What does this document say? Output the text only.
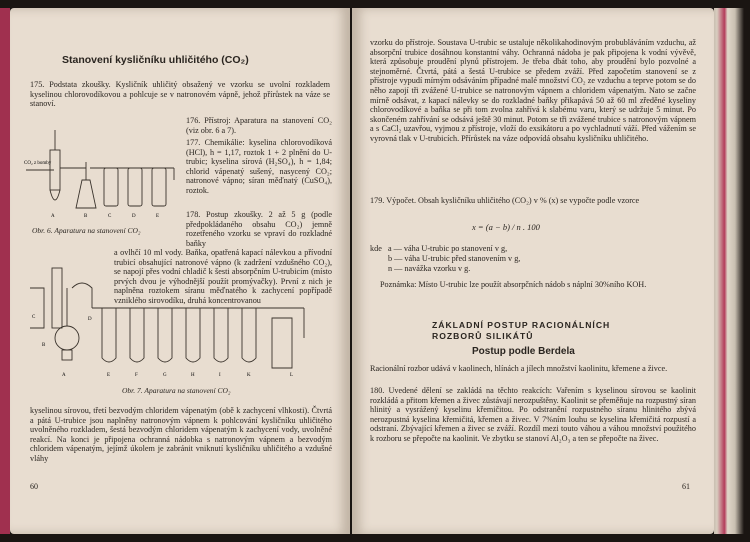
Stanovení kysličníku uhličitého (CO₂)

175. Podstata zkoušky. Kysličník uhličitý obsažený ve vzorku se uvolní rozkladem kyselinou chlorovodíkovou a pohlcuje se v natronovém vápně, jehož přírůstek na váze se stanoví.

CO₂ z bomby
A	B	C	D	E
Obr. 6. Aparatura na stanovení CO₂

176. Přístroj: Aparatura na stanovení CO₂ (viz obr. 6 a 7).

177. Chemikálie: kyselina chlorovodíková (HCl), h = 1,17, roztok 1 + 2 plnění do U-trubic; kyselina sírová (H₂SO₄), h = 1,84; chlorid vápenatý sušený, nasycený CO₂; natronové vápno; síran měďnatý (CuSO₄), roztok.

178. Postup zkoušky. 2 až 5 g (podle předpokládaného obsahu CO₂) jemně rozetřeného vzorku se vpraví do rozkladné baňky

a ovlhčí 10 ml vody. Baňka, opatřená kapací nálevkou a přívodní trubicí obsahující natronové vápno (k zadržení vzdušného CO₂), se napojí přes vodní chladič k šesti absorpčním U-trubicím (místo prvých dvou je výhodnější použít promývačky). První z nich je naplněna roztokem síranu měďnatého k zachycení popřípadě vzniklého sirovodíku, druhá koncentrovanou

A
B
C	D
E	F	G	H	I	K	L
Obr. 7. Aparatura na stanovení CO₂

kyselinou sírovou, třetí bezvodým chloridem vápenatým (obě k zachycení vlhkosti). Čtvrtá a pátá U-trubice jsou naplněny natronovým vápnem k pohlcování kysličníku uhličitého uvolněného rozkladem, šestá bezvodým chloridem vápenatým k zachycení vody, uvolněné reakcí. Na konci je připojena ochranná nádobka s natronovým vápnem a bezvodým chloridem vápenatým, jejímž úkolem je zabránit vniknutí kysličníku uhličitého a vzdušné vláhy

60

vzorku do přístroje. Soustava U-trubic se ustaluje několikahodinovým probubláváním vzduchu, až absorpční trubice dosáhnou konstantní váhy. Ochranná nádoba je pak připojena k vodní vývěvě, která způsobuje proudění plynů přístrojem. Je třeba dbát toho, aby proudění bylo pozvolné a stejnoměrné. Čtvrtá, pátá a šestá U-trubice se předem zváží. Před započetím stanovení se z přístroje vypudí mírným odsáváním případné malé množství CO₂ ze vzduchu a teprve potom se do něho zapojí tři zvážené U-trubice se natronovým vápnem a chloridem vápenatým. Nato se začne mírně odsávat, z kapací nálevky se do rozkladné baňky přikapává 50 až 60 ml zředěné kyseliny chlorovodíkové a baňka se při tom zvolna zahřívá k slabému varu, který se udržuje 5 minut. Po skončeném zahřívání se odsává ještě 30 minut. Potom se tři zvážené trubice s natronovým vápnem a s CaCl₂ uzavřou, vyjmou z přístroje, vloží do exsikátoru a po vychladnutí váží. Před vážením se vyrovná tlak v U-trubicích. Přírůstek na váze odpovídá obsahu kysličníku uhličitého.

179. Výpočet. Obsah kysličníku uhličitého (CO₂) v % (x) se vypočte podle vzorce

x = (a − b) / n . 100
kde a — váha U-trubic po stanovení v g,
b — váha U-trubic před stanovením v g,
n — navážka vzorku v g.

Poznámka: Místo U-trubic lze použít absorpčních nádob s náplní 30%ního KOH.

ZÁKLADNÍ POSTUP RACIONÁLNÍCH ROZBORŮ SILIKÁTŮ
Postup podle Berdela

Racionální rozbor udává v kaolinech, hlínách a jílech množství kaolinitu, křemene a živce.

180. Uvedené dělení se zakládá na těchto reakcích: Vařením s kyselinou sírovou se kaolinit rozkládá a přitom křemen a živec zůstávají nerozpuštěny. Kaolinit se přeměňuje na rozpustný síran hlinitý a vysrážený kyselinu křemičitou. Po odstranění rozpustného síranu hlinitého zbývá nerozpustná kyselina křemičitá, křemen a živec. V 7%ním louhu se kyselina křemičitá rozpustí a odstraní. Zbývající křemen a živec se zváží. Rozdíl mezi touto váhou a váhou množství použitého k rozboru se přepočte na kaolinit. Ve zbytku se stanoví Al₂O₃ a ten se přepočte na živec.

61
